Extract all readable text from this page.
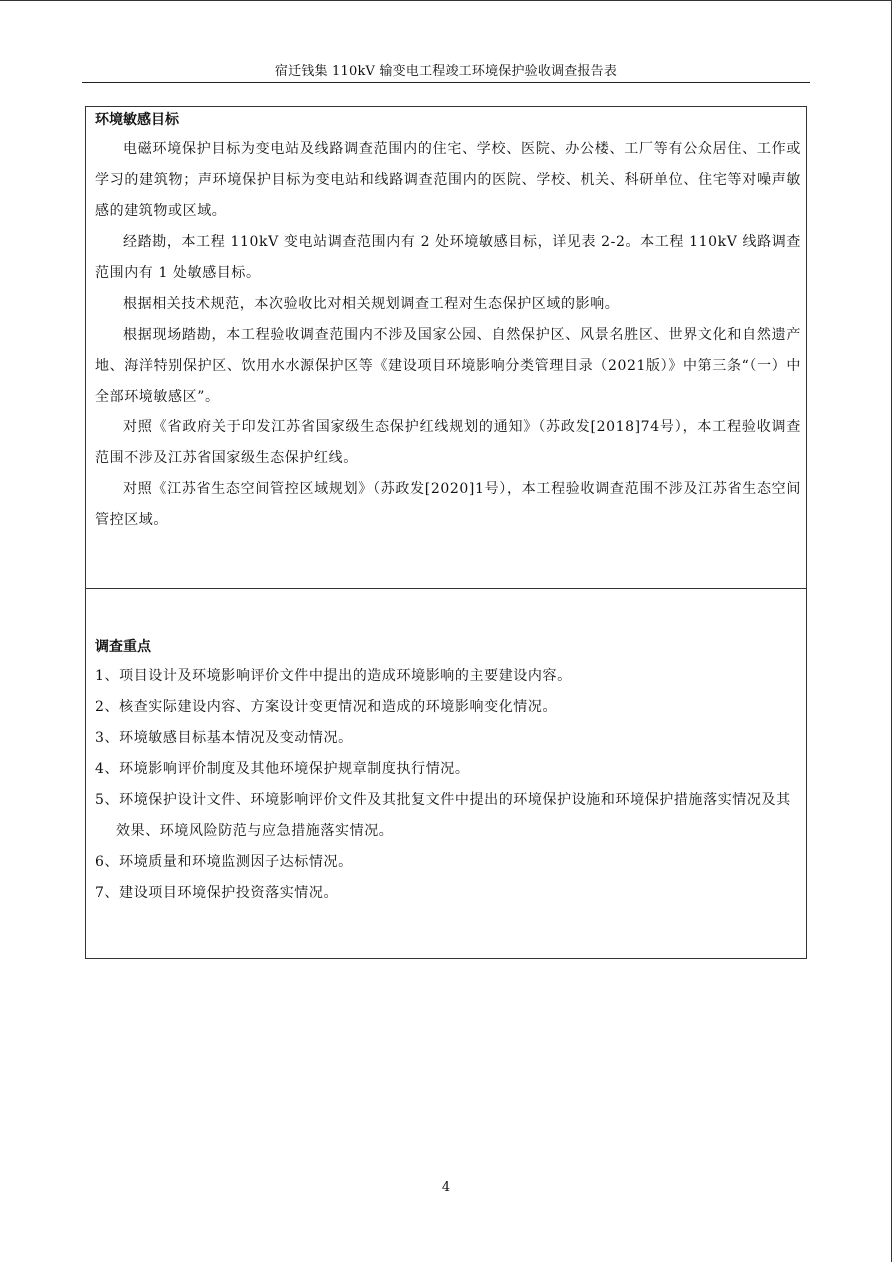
宿迁钱集 110kV 输变电工程竣工环境保护验收调查报告表
环境敏感目标

电磁环境保护目标为变电站及线路调查范围内的住宅、学校、医院、办公楼、工厂等有公众居住、工作或学习的建筑物；声环境保护目标为变电站和线路调查范围内的医院、学校、机关、科研单位、住宅等对噪声敏感的建筑物或区域。

经踏勘，本工程 110kV 变电站调查范围内有 2 处环境敏感目标，详见表 2-2。本工程 110kV 线路调查范围内有 1 处敏感目标。

根据相关技术规范，本次验收比对相关规划调查工程对生态保护区域的影响。

根据现场踏勘，本工程验收调查范围内不涉及国家公园、自然保护区、风景名胜区、世界文化和自然遗产地、海洋特别保护区、饮用水水源保护区等《建设项目环境影响分类管理目录（2021版）》中第三条“（一）中全部环境敏感区”。

对照《省政府关于印发江苏省国家级生态保护红线规划的通知》（苏政发[2018]74号），本工程验收调查范围不涉及江苏省国家级生态保护红线。

对照《江苏省生态空间管控区域规划》（苏政发[2020]1号），本工程验收调查范围不涉及江苏省生态空间管控区域。

调查重点

1、项目设计及环境影响评价文件中提出的造成环境影响的主要建设内容。

2、核查实际建设内容、方案设计变更情况和造成的环境影响变化情况。

3、环境敏感目标基本情况及变动情况。

4、环境影响评价制度及其他环境保护规章制度执行情况。

5、环境保护设计文件、环境影响评价文件及其批复文件中提出的环境保护设施和环境保护措施落实情况及其效果、环境风险防范与应急措施落实情况。

6、环境质量和环境监测因子达标情况。

7、建设项目环境保护投资落实情况。

4
